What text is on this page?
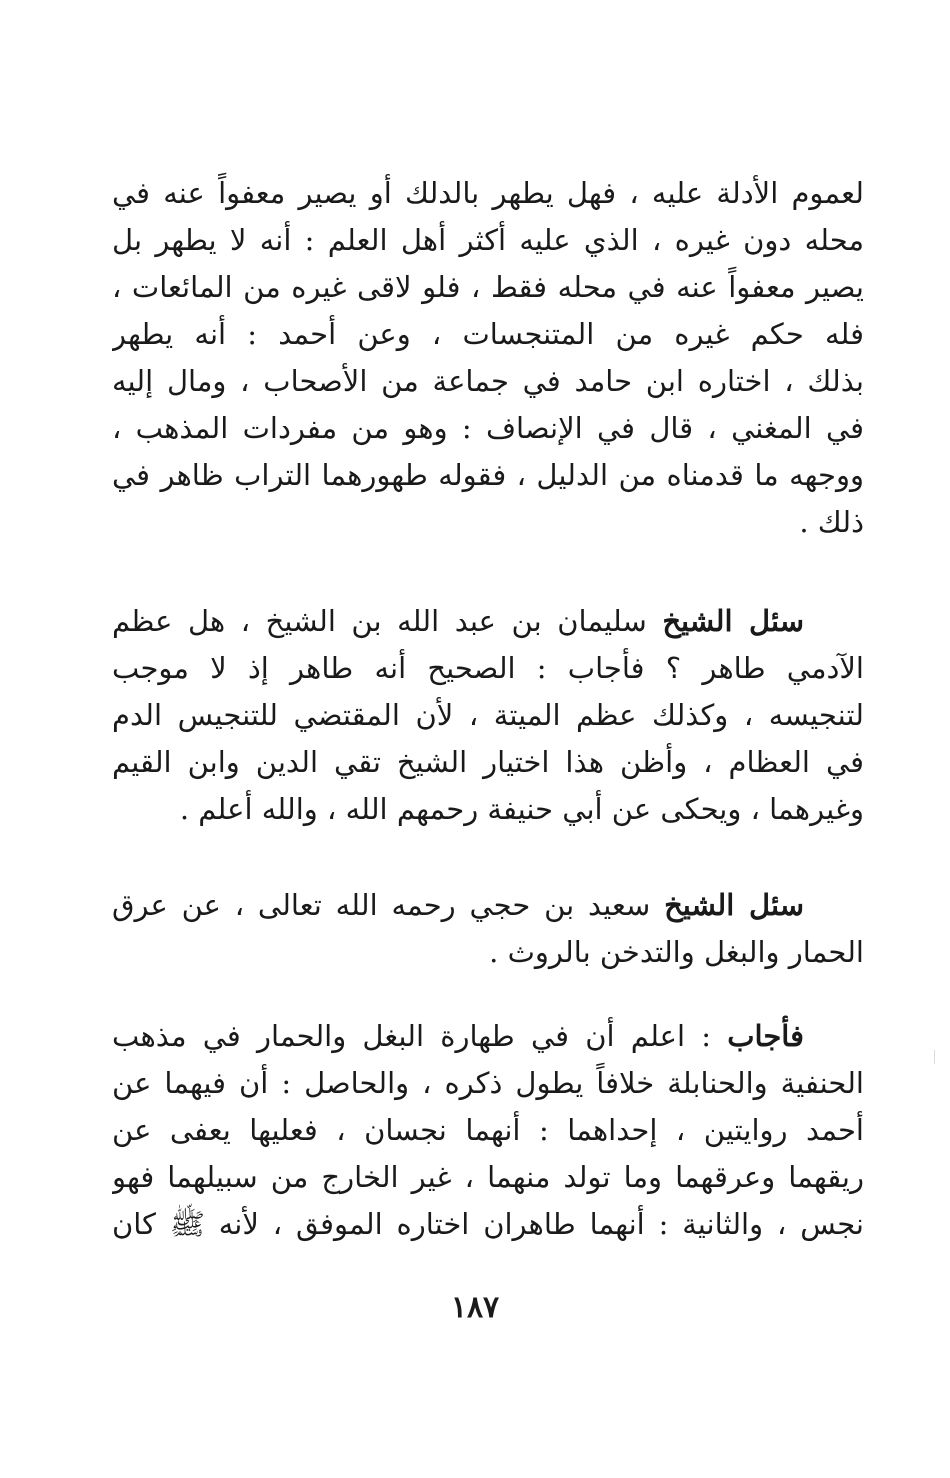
لعموم الأدلة عليه ، فهل يطهر بالدلك أو يصير معفواً عنه في
محله دون غيره ، الذي عليه أكثر أهل العلم : أنه لا يطهر بل
يصير معفواً عنه في محله فقط ، فلو لاقى غيره من المائعات ،
فله حكم غيره من المتنجسات ، وعن أحمد : أنه يطهر
بذلك ، اختاره ابن حامد في جماعة من الأصحاب ، ومال إليه
في المغني ، قال في الإنصاف : وهو من مفردات المذهب ،
ووجهه ما قدمناه من الدليل ، فقوله طهورهما التراب ظاهر في
ذلك .
سئل الشيخ سليمان بن عبد الله بن الشيخ ، هل عظم
الآدمي طاهر ؟ فأجاب : الصحيح أنه طاهر إذ لا موجب
لتنجيسه ، وكذلك عظم الميتة ، لأن المقتضي للتنجيس الدم
في العظام ، وأظن هذا اختيار الشيخ تقي الدين وابن القيم
وغيرهما ، ويحكى عن أبي حنيفة رحمهم الله ، والله أعلم .
سئل الشيخ سعيد بن حجي رحمه الله تعالى ، عن عرق
الحمار والبغل والتدخن بالروث .
فأجاب : اعلم أن في طهارة البغل والحمار في مذهب
الحنفية والحنابلة خلافاً يطول ذكره ، والحاصل : أن فيهما عن
أحمد روايتين ، إحداهما : أنهما نجسان ، فعليها يعفى عن
ريقهما وعرقهما وما تولد منهما ، غير الخارج من سبيلهما فهو
نجس ، والثانية : أنهما طاهران اختاره الموفق ، لأنه ﷺ كان
١٨٧
